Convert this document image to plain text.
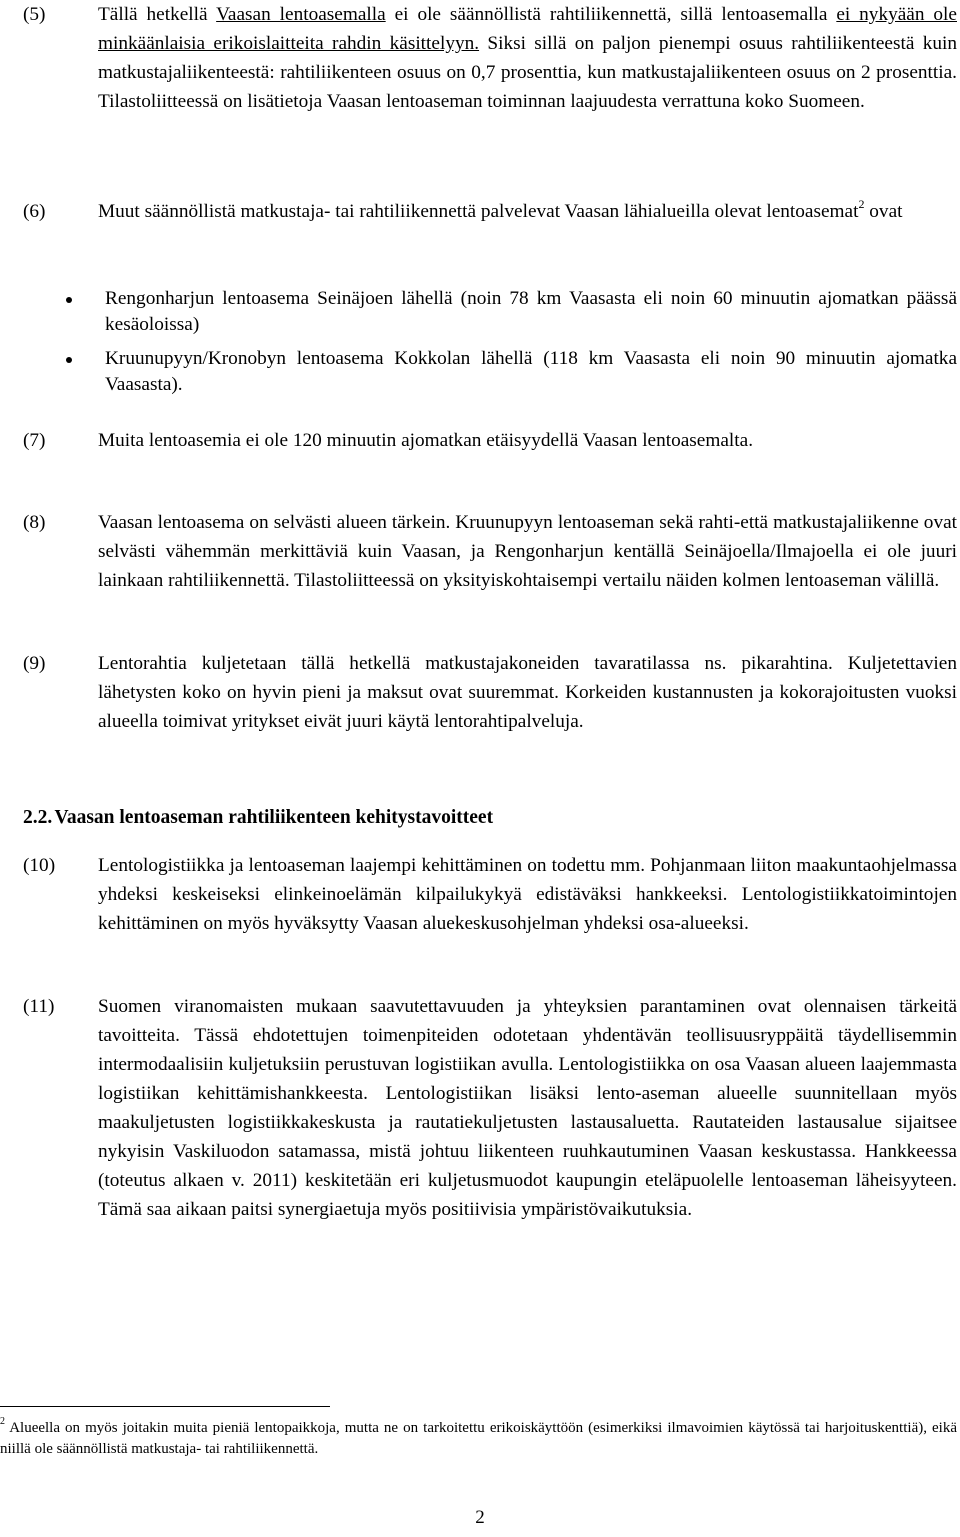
(5)	Tällä hetkellä Vaasan lentoasemalla ei ole säännöllistä rahtiliikennettä, sillä lentoasemalla ei nykyään ole minkäänlaisia erikoislaitteita rahdin käsittelyyn. Siksi sillä on paljon pienempi osuus rahtiliikenteestä kuin matkustajaliikenteestä: rahtiliikenteen osuus on 0,7 prosenttia, kun matkustajaliikenteen osuus on 2 prosenttia. Tilastoliitteessä on lisätietoja Vaasan lentoaseman toiminnan laajuudesta verrattuna koko Suomeen.

(6)	Muut säännöllistä matkustaja- tai rahtiliikennettä palvelevat Vaasan lähialueilla olevat lentoasemat$^2$ ovat

Rengonharjun lentoasema Seinäjoen lähellä (noin 78 km Vaasasta eli noin 60 minuutin ajomatkan päässä kesäoloissa)
Kruunupyyn/Kronobyn lentoasema Kokkolan lähellä (118 km Vaasasta eli noin 90 minuutin ajomatka Vaasasta).
(7)	Muita lentoasemia ei ole 120 minuutin ajomatkan etäisyydellä Vaasan lentoasemalta.

(8)	Vaasan lentoasema on selvästi alueen tärkein. Kruunupyyn lentoaseman sekä rahti-että matkustajaliikenne ovat selvästi vähemmän merkittäviä kuin Vaasan, ja Rengonharjun kentällä Seinäjoella/Ilmajoella ei ole juuri lainkaan rahtiliikennettä. Tilastoliitteessä on yksityiskohtaisempi vertailu näiden kolmen lentoaseman välillä.

(9)	Lentorahtia kuljetetaan tällä hetkellä matkustajakoneiden tavaratilassa ns. pikarahtina. Kuljetettavien lähetysten koko on hyvin pieni ja maksut ovat suuremmat. Korkeiden kustannusten ja kokorajoitusten vuoksi alueella toimivat yritykset eivät juuri käytä lentorahtipalveluja.

2.2. Vaasan lentoaseman rahtiliikenteen kehitystavoitteet
(10) Lentologistiikka ja lentoaseman laajempi kehittäminen on todettu mm. Pohjanmaan liiton maakuntaohjelmassa yhdeksi keskeiseksi elinkeinoelämän kilpailukykyä edistäväksi hankkeeksi. Lentologistiikkatoimintojen kehittäminen on myös hyväksytty Vaasan aluekeskusohjelman yhdeksi osa-alueeksi.

(11) Suomen viranomaisten mukaan saavutettavuuden ja yhteyksien parantaminen ovat olennaisen tärkeitä tavoitteita. Tässä ehdotettujen toimenpiteiden odotetaan yhdentävän teollisuusryppäitä täydellisemmin intermodaalisiin kuljetuksiin perustuvan logistiikan avulla. Lentologistiikka on osa Vaasan alueen laajemmasta logistiikan kehittämishankkeesta. Lentologistiikan lisäksi lento-aseman alueelle suunnitellaan myös maakuljetusten logistiikkakeskusta ja rautatiekuljetusten lastausaluetta. Rautateiden lastausalue sijaitsee nykyisin Vaskiluodon satamassa, mistä johtuu liikenteen ruuhkautuminen Vaasan keskustassa. Hankkeessa (toteutus alkaen v. 2011) keskitetään eri kuljetusmuodot kaupungin eteläpuolelle lentoaseman läheisyyteen. Tämä saa aikaan paitsi synergiaetuja myös positiivisia ympäristövaikutuksia.

$^2$ Alueella on myös joitakin muita pieniä lentopaikkoja, mutta ne on tarkoitettu erikoiskäyttöön (esimerkiksi ilmavoimien käytössä tai harjoituskenttiä), eikä niillä ole säännöllistä matkustaja- tai rahtiliikennettä.
2
